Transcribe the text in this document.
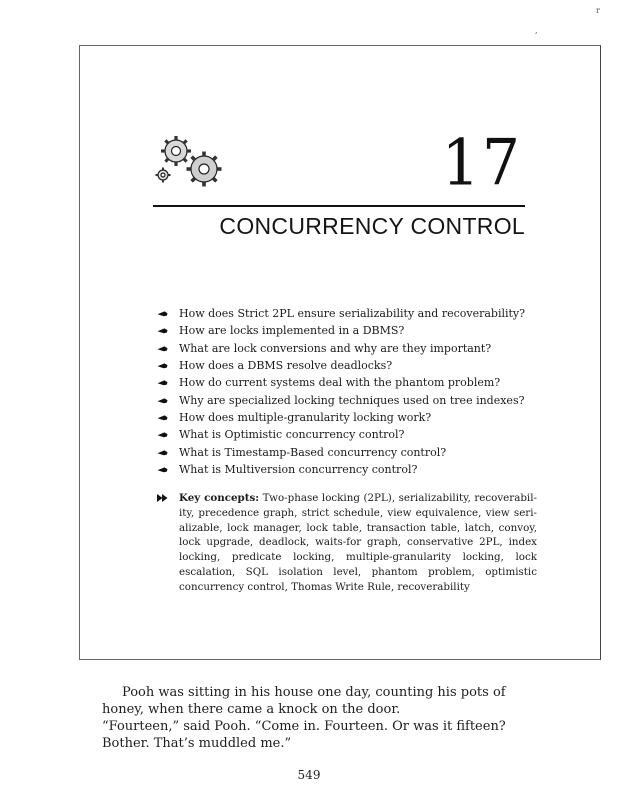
r
,
17
CONCURRENCY CONTROL
How does Strict 2PL ensure serializability and recoverability?
How are locks implemented in a DBMS?
What are lock conversions and why are they important?
How does a DBMS resolve deadlocks?
How do current systems deal with the phantom problem?
Why are specialized locking techniques used on tree indexes?
How does multiple-granularity locking work?
What is Optimistic concurrency control?
What is Timestamp-Based concurrency control?
What is Multiversion concurrency control?
Key concepts: Two-phase locking (2PL), serializability, recoverability, precedence graph, strict schedule, view equivalence, view serializable, lock manager, lock table, transaction table, latch, convoy, lock upgrade, deadlock, waits-for graph, conservative 2PL, index locking, predicate locking, multiple-granularity locking, lock escalation, SQL isolation level, phantom problem, optimistic concurrency control, Thomas Write Rule, recoverability

Pooh was sitting in his house one day, counting his pots of honey, when there came a knock on the door.

“Fourteen,” said Pooh. “Come in. Fourteen. Or was it fifteen? Bother. That’s muddled me.”

549
